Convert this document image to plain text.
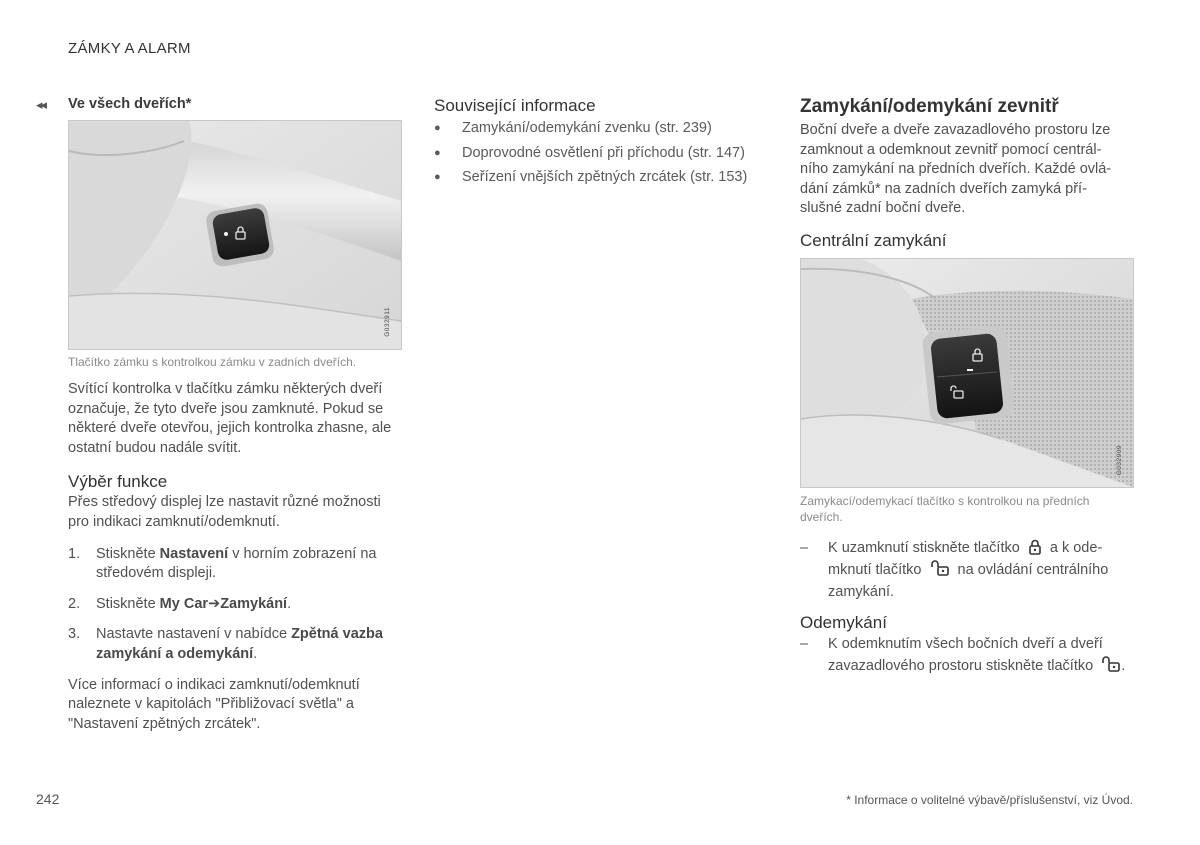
ZÁMKY A ALARM
◂◂ Ve všech dveřích*
G032911
Tlačítko zámku s kontrolkou zámku v zadních dveřích.
Svítící kontrolka v tlačítku zámku některých dveří označuje, že tyto dveře jsou zamknuté. Pokud se některé dveře otevřou, jejich kontrolka zhasne, ale ostatní budou nadále svítit.
Výběr funkce
Přes středový displej lze nastavit různé možnosti pro indikaci zamknutí/odemknutí.
1.	Stiskněte Nastavení v horním zobrazení na středovém displeji.
2.	Stiskněte My Car➔Zamykání.
3.	Nastavte nastavení v nabídce Zpětná vazba zamykání a odemykání.
Více informací o indikaci zamknutí/odemknutí naleznete v kapitolách "Přibližovací světla" a "Nastavení zpětných zrcátek".
Související informace
●	Zamykání/odemykání zvenku (str. 239)
●	Doprovodné osvětlení při příchodu (str. 147)
●	Seřízení vnějších zpětných zrcátek (str. 153)
Zamykání/odemykání zevnitř
Boční dveře a dveře zavazadlového prostoru lze zamknout a odemknout zevnitř pomocí centrál-ního zamykání na předních dveřích. Každé ovlá-dání zámků* na zadních dveřích zamyká pří-slušné zadní boční dveře.
Centrální zamykání
G032909
Zamykací/odemykací tlačítko s kontrolkou na předních dveřích.
–	K uzamknutí stiskněte tlačítko a k ode-mknutí tlačítko na ovládání centrálního zamykání.
Odemykání
–	K odemknutím všech bočních dveří a dveří zavazadlového prostoru stiskněte tlačítko .
242	* Informace o volitelné výbavě/příslušenství, viz Úvod.
